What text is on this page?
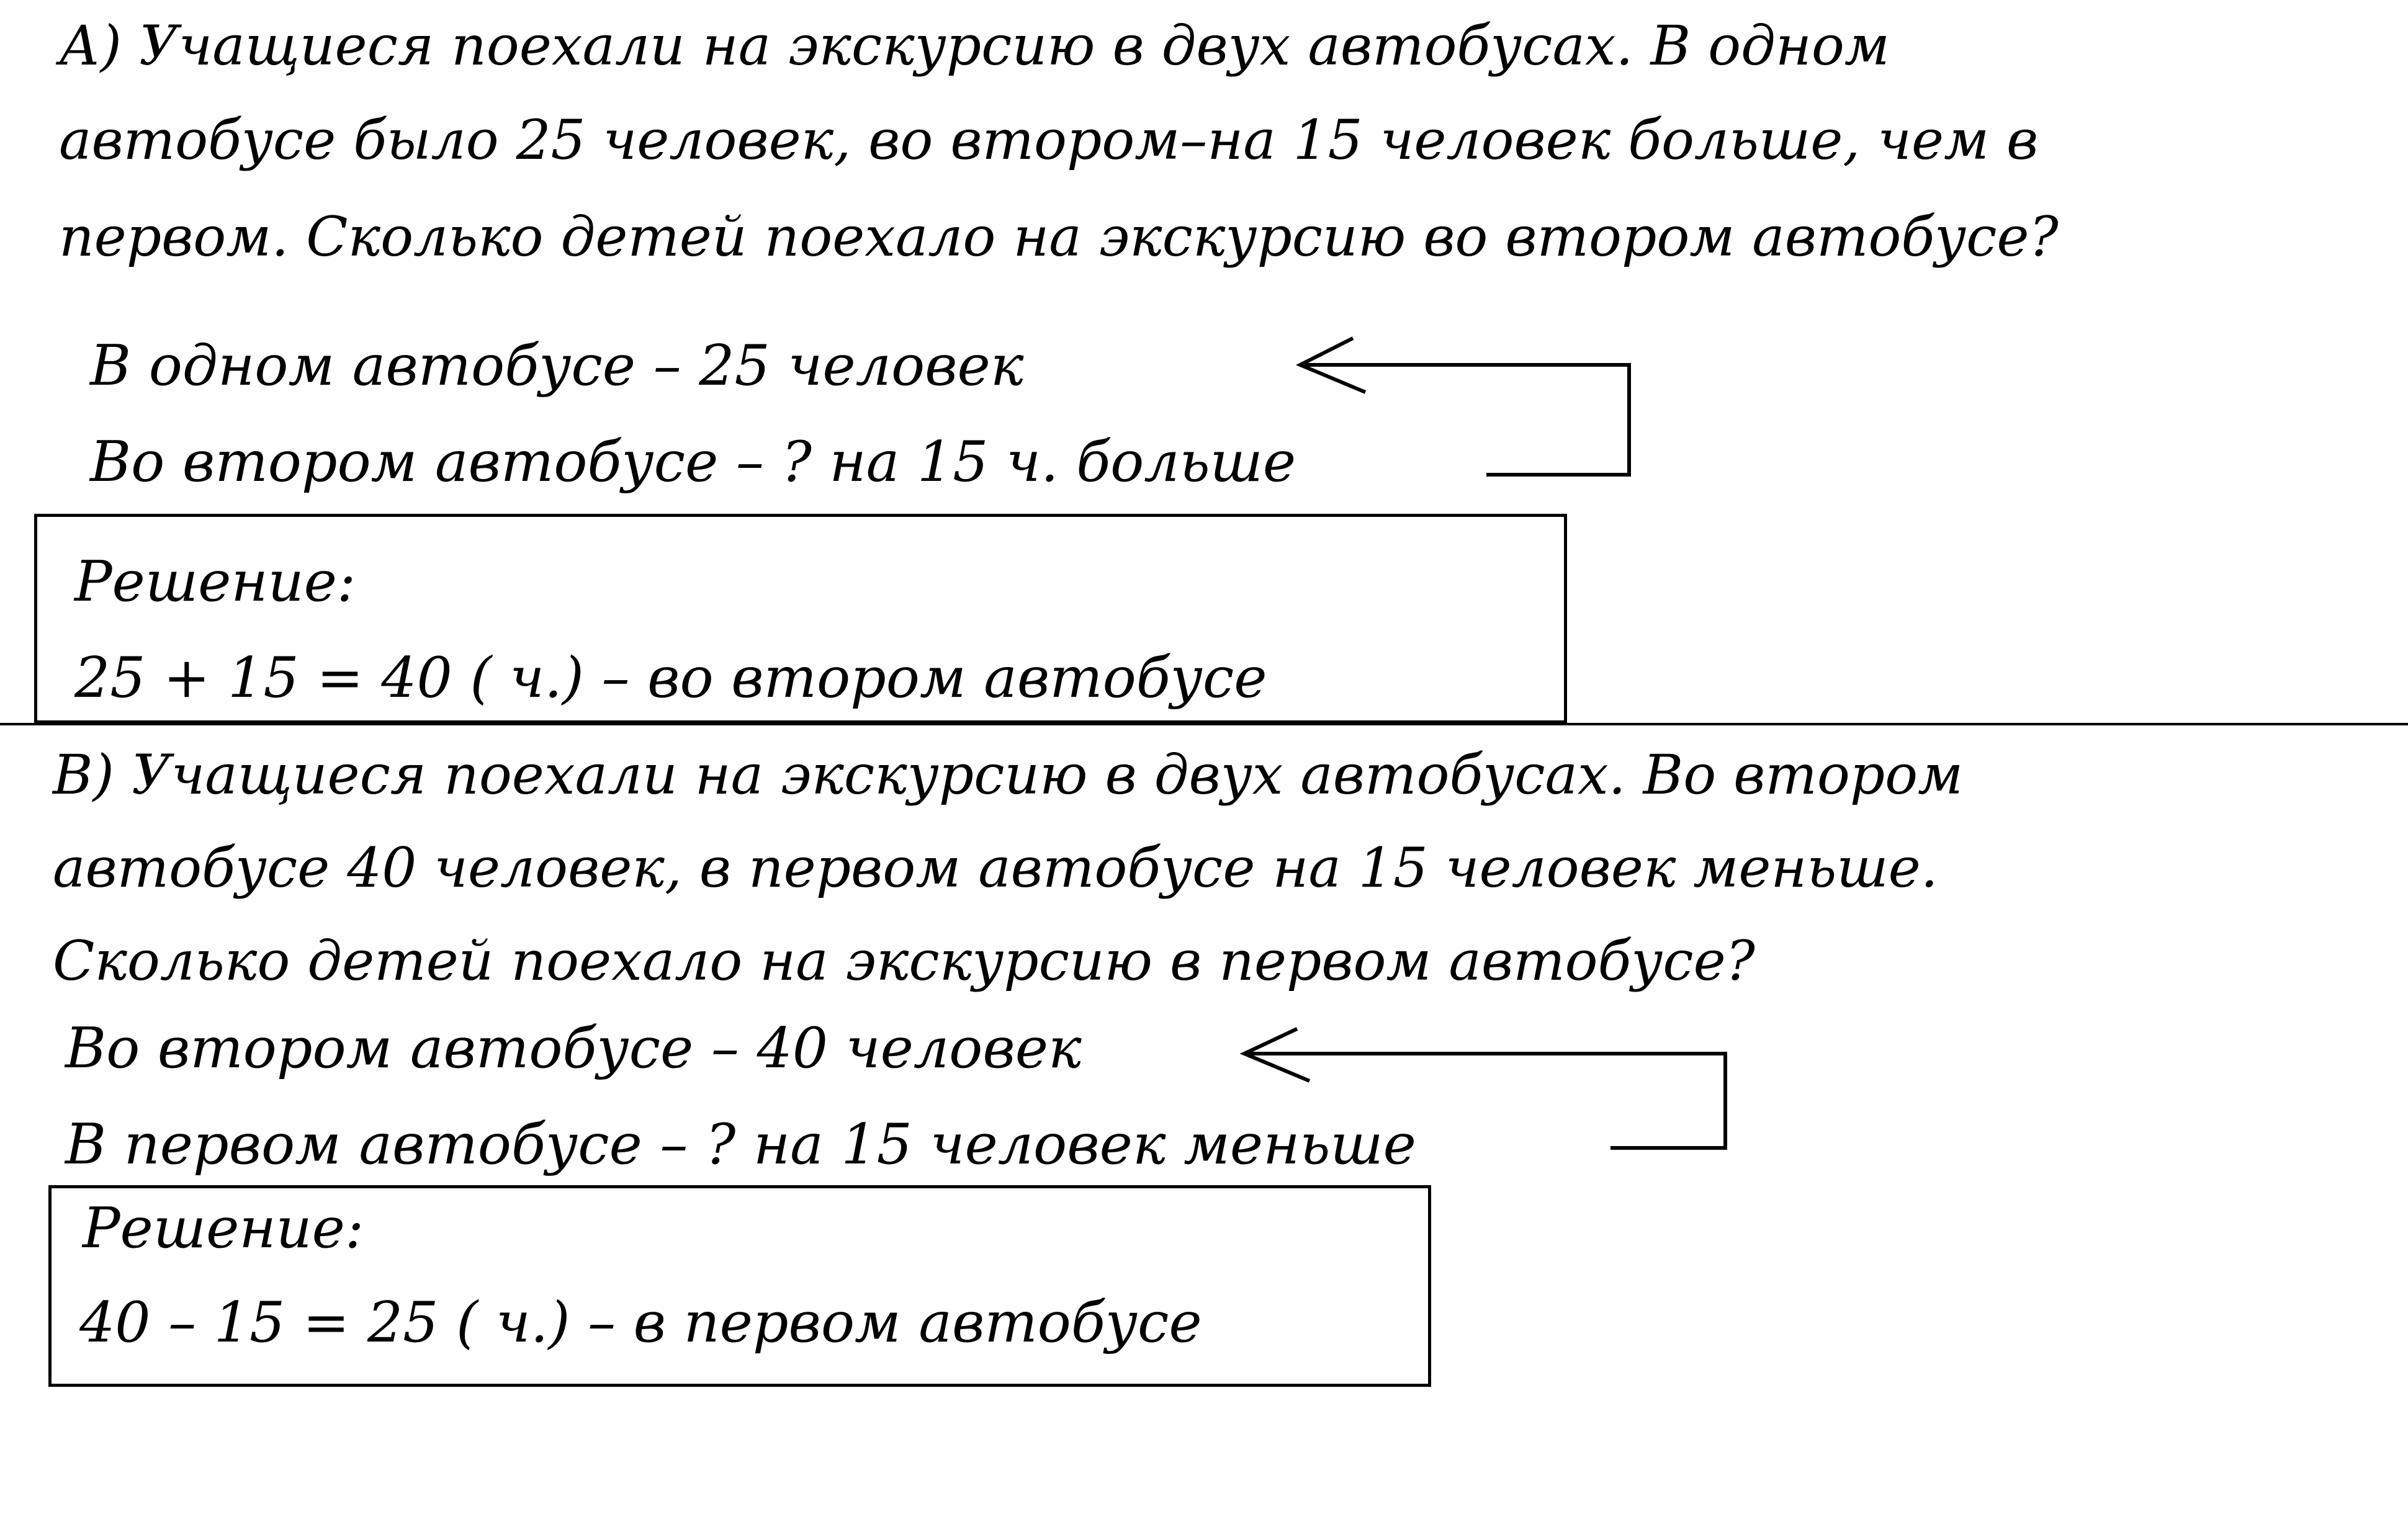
А) Учащиеся поехали на экскурсию в двух автобусах. В одном
автобусе было 25 человек, во втором–на 15 человек больше, чем в
первом. Сколько детей поехало на экскурсию во втором автобусе?
В одном автобусе – 25 человек
Во втором автобусе – ? на 15 ч. больше
Решение:
25 + 15 = 40 ( ч.) – во втором автобусе
В) Учащиеся поехали на экскурсию в двух автобусах. Во втором
автобусе 40 человек, в первом автобусе на 15 человек меньше.
Сколько детей поехало на экскурсию в первом автобусе?
Во втором автобусе – 40 человек
В первом автобусе – ? на 15 человек меньше
Решение:
40 – 15 = 25 ( ч.) – в первом автобусе
